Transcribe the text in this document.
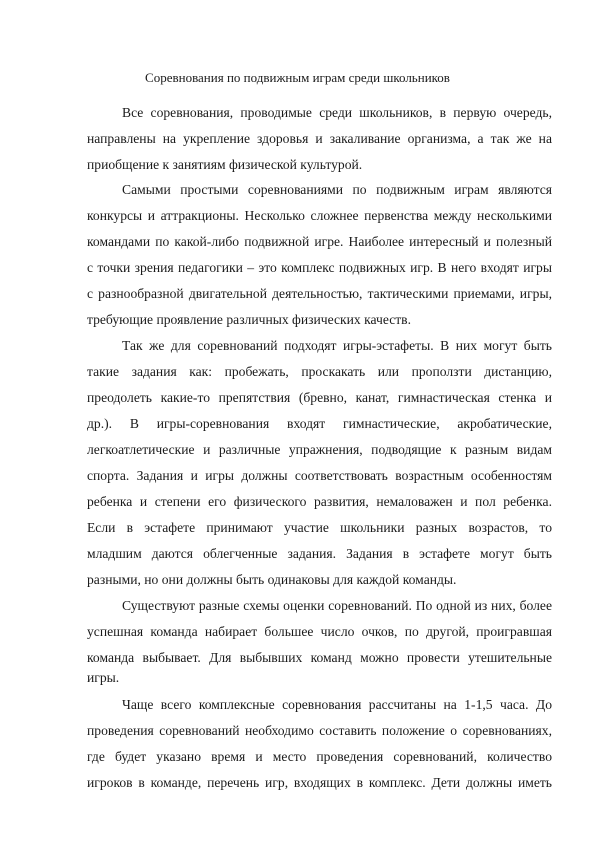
Соревнования по подвижным играм среди школьников
Все соревнования, проводимые среди школьников, в первую очередь,
направлены на укрепление здоровья и закаливание организма, а так же на
приобщение к занятиям физической культурой.
Самыми простыми соревнованиями по подвижным играм являются
конкурсы и аттракционы. Несколько сложнее первенства между несколькими
командами по какой-либо подвижной игре. Наиболее интересный и полезный
с точки зрения педагогики – это комплекс подвижных игр. В него входят игры
с разнообразной двигательной деятельностью, тактическими приемами, игры,
требующие проявление различных физических качеств.
Так же для соревнований подходят игры-эстафеты. В них могут быть
такие задания как: пробежать, проскакать или проползти дистанцию,
преодолеть какие-то препятствия (бревно, канат, гимнастическая стенка и
др.). В игры-соревнования входят гимнастические, акробатические,
легкоатлетические и различные упражнения, подводящие к разным видам
спорта. Задания и игры должны соответствовать возрастным особенностям
ребенка и степени его физического развития, немаловажен и пол ребенка.
Если в эстафете принимают участие школьники разных возрастов, то
младшим даются облегченные задания. Задания в эстафете могут быть
разными, но они должны быть одинаковы для каждой команды.
Существуют разные схемы оценки соревнований. По одной из них, более
успешная команда набирает большее число очков, по другой, проигравшая
команда выбывает. Для выбывших команд можно провести утешительные
игры.
Чаще всего комплексные соревнования рассчитаны на 1-1,5 часа. До
проведения соревнований необходимо составить положение о соревнованиях,
где будет указано время и место проведения соревнований, количество
игроков в команде, перечень игр, входящих в комплекс. Дети должны иметь
